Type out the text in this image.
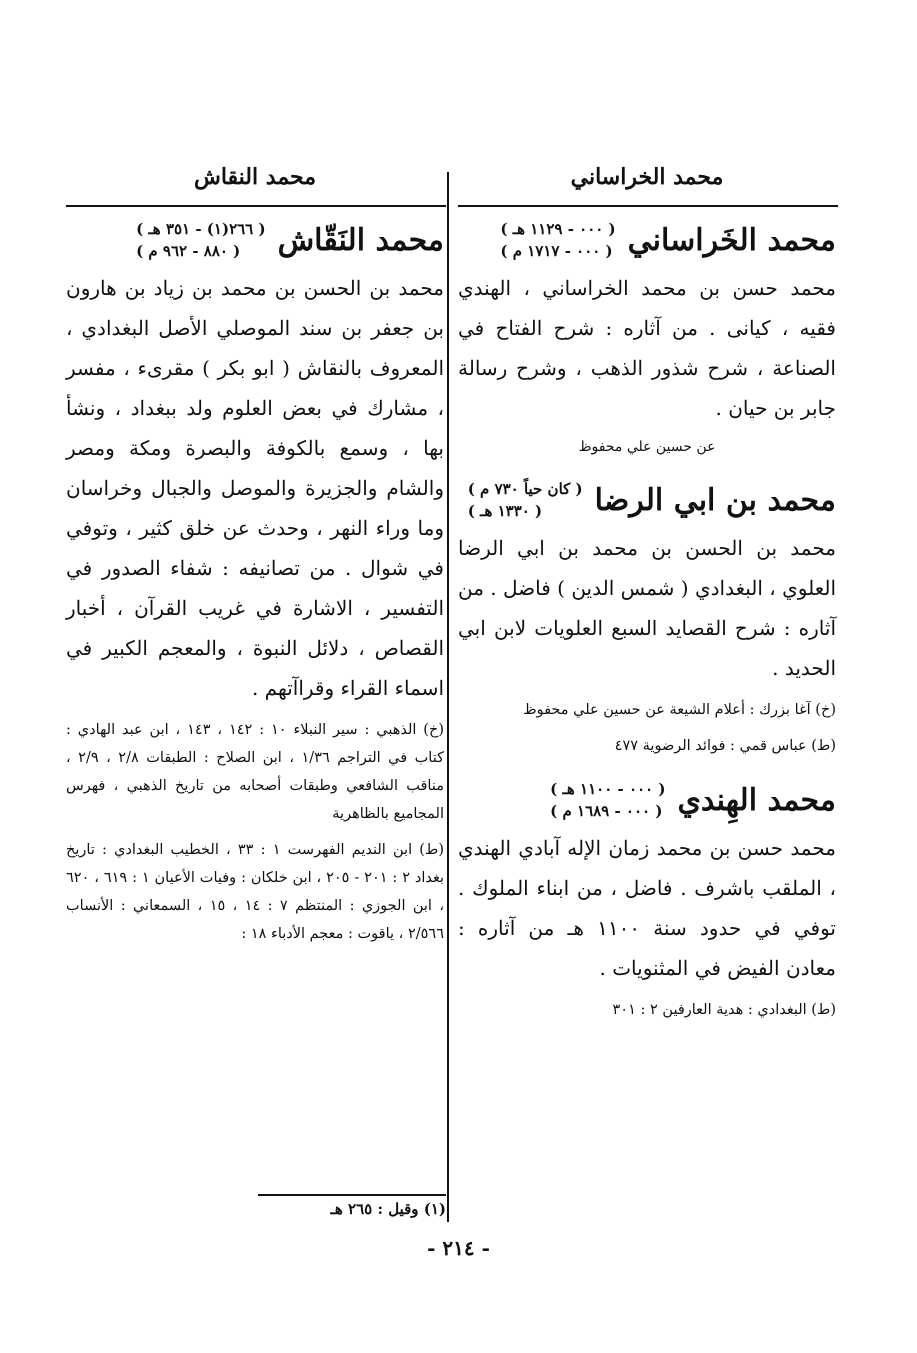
محمد الخراساني
محمد الخَراساني
( ٠٠٠ - ١١٢٩ هـ )
( ٠٠٠ - ١٧١٧ م )

محمد حسن بن محمد الخراساني ، الهندي فقيه ، كيانى . من آثاره : شرح الفتاح في الصناعة ، شرح شذور الذهب ، وشرح رسالة جابر بن حيان .

عن حسين علي محفوظ

محمد بن ابي الرضا
( كان حياً ٧٣٠ م )
( ١٣٣٠ هـ )

محمد بن الحسن بن محمد بن ابي الرضا العلوي ، البغدادي ( شمس الدين ) فاضل . من آثاره : شرح القصايد السبع العلويات لابن ابي الحديد .

(خ) آغا بزرك : أعلام الشيعة عن حسين علي محفوظ

(ط) عباس قمي : فوائد الرضوية ٤٧٧

محمد الهِندي
( ٠٠٠ - ١١٠٠ هـ )
( ٠٠٠ - ١٦٨٩ م )

محمد حسن بن محمد زمان الإله آبادي الهندي ، الملقب باشرف . فاضل ، من ابناء الملوك . توفي في حدود سنة ١١٠٠ هـ من آثاره : معادن الفيض في المثنويات .

(ط) البغدادي : هدية العارفين ٢ : ٣٠١

محمد النقاش
محمد النَقّاش
( ٢٦٦(١) - ٣٥١ هـ )
( ٨٨٠ - ٩٦٢ م )

محمد بن الحسن بن محمد بن زياد بن هارون بن جعفر بن سند الموصلي الأصل البغدادي ، المعروف بالنقاش ( ابو بكر ) مقرىء ، مفسر ، مشارك في بعض العلوم ولد ببغداد ، ونشأ بها ، وسمع بالكوفة والبصرة ومكة ومصر والشام والجزيرة والموصل والجبال وخراسان وما وراء النهر ، وحدث عن خلق كثير ، وتوفي في شوال . من تصانيفه : شفاء الصدور في التفسير ، الاشارة في غريب القرآن ، أخبار القصاص ، دلائل النبوة ، والمعجم الكبير في اسماء القراء وقراآتهم .

(خ) الذهبي : سير النبلاء ١٠ : ١٤٢ ، ١٤٣ ، ابن عبد الهادي : كتاب في التراجم ١/٣٦ ، ابن الصلاح : الطبقات ٢/٨ ، ٢/٩ ، مناقب الشافعي وطبقات أصحابه من تاريخ الذهبي ، فهرس المجاميع بالظاهرية

(ط) ابن النديم الفهرست ١ : ٣٣ ، الخطيب البغدادي : تاريخ بغداد ٢ : ٢٠١ - ٢٠٥ ، ابن خلكان : وفيات الأعيان ١ : ٦١٩ ، ٦٢٠ ، ابن الجوزي : المنتظم ٧ : ١٤ ، ١٥ ، السمعاني : الأنساب ٢/٥٦٦ ، ياقوت : معجم الأدباء ١٨ :

(١) وقيل : ٢٦٥ هـ
- ٢١٤ -
